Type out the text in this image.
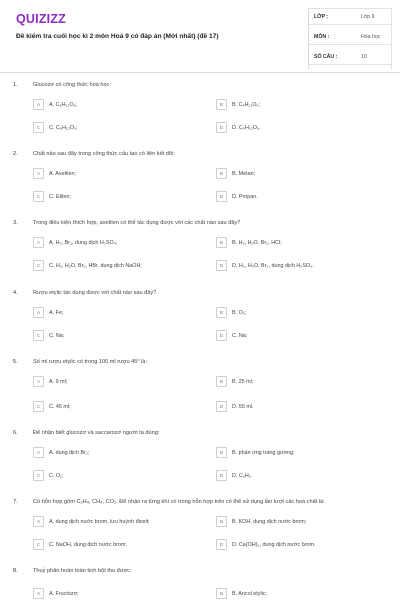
QUIZIZZ
Đề kiểm tra cuối học kì 2 môn Hoá 9 có đáp án (Mới nhất) (đề 17)
LỚP :	Lớp 9
MÔN :	Hóa học
SỐ CÂU :	10
1.	Glucozơ có công thức hoá học:
A	A. C₆H₁₂O₆;	B	B. C₆H₁₁O₆;
C	C. C₆H₁₂O₅;	D	D. C₅H₁₂O₆.
2.	Chất nào sau đây trong công thức cấu tạo có liên kết đôi:
A	A. Axetilen;	B	B. Metan;
C	C. Etilen;	D	D. Propan.
3.	Trong điều kiện thích hợp, axetilen có thể tác dụng được với các chất nào sau đây?
A	A. H₂, Br₂, dung dịch H₂SO₄;	B	B. H₂, H₂O, Br₂, HCl;
C	C. H₂, H₂O, Br₂, HBr, dung dịch NaOH;	D	D. H₂, H₂O, Br₂, dung dịch H₂SO₄.
4.	Rượu etylic tác dụng được với chất nào sau đây?
A	A. Fe;	B	B. O₂;
C	C. Na;	D	C. Na;
5.	Số ml rượu etylic có trong 100 ml rượu 45⁰ là:
A	A. 9 ml;	B	B. 25 ml;
C	C. 45 ml;	D	D. 55 ml.
6.	Để nhận biết glucozơ và saccarozơ người ta dùng:
A	A. dung dịch Br₂;	B	B. phản ứng tráng gương;
C	C. O₂;	D	D. C₂H₂.
7.	Có hỗn hợp gồm C₂H₄, CH₄, CO₂. Để nhận ra từng khí có trong hỗn hợp trên có thể sử dụng lần lượt các hoá chất là:
A	A. dung dịch nước brom, lưu huỳnh đioxit;	B	B. KOH, dung dịch nước brom;
C	C. NaOH, dung dịch nước brom;	D	D. Ca(OH)₂, dung dịch nước brom.
8.	Thuỷ phân hoàn toàn tinh bột thu được:
A	A. Fructozơ;	B	B. Ancol etylic;
